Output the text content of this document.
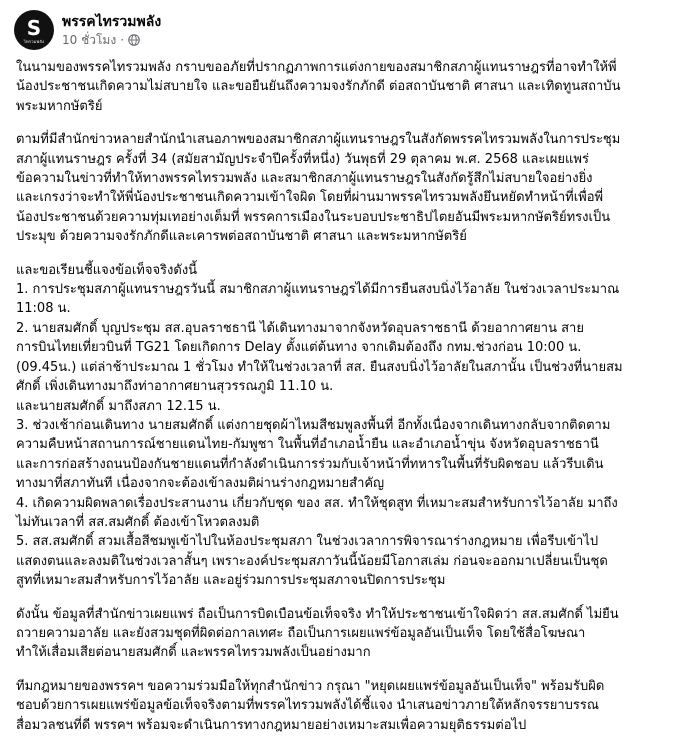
S
ไทรวมพลัง
พรรคไทรวมพลัง
10 ชั่วโมง ·
ในนามของพรรคไทรวมพลัง กราบขออภัยที่ปรากฏภาพการแต่งกายของสมาชิกสภาผู้แทนราษฎรที่อาจทำให้พี่
น้องประชาชนเกิดความไม่สบายใจ และขอยืนยันถึงความจงรักภักดี ต่อสถาบันชาติ ศาสนา และเทิดทูนสถาบัน
พระมหากษัตริย์
ตามที่มีสำนักข่าวหลายสำนักนำเสนอภาพของสมาชิกสภาผู้แทนราษฎรในสังกัดพรรคไทรวมพลังในการประชุม
สภาผู้แทนราษฎร ครั้งที่ 34 (สมัยสามัญประจำปีครั้งที่หนึ่ง) วันพุธที่ 29 ตุลาคม พ.ศ. 2568 และเผยแพร่
ข้อความในข่าวที่ทำให้ทางพรรคไทรวมพลัง และสมาชิกสภาผู้แทนราษฎรในสังกัดรู้สึกไม่สบายใจอย่างยิ่ง
และเกรงว่าจะทำให้พี่น้องประชาชนเกิดความเข้าใจผิด โดยที่ผ่านมาพรรคไทรวมพลังยึนหยัดทำหน้าที่เพื่อพี่
น้องประชาชนด้วยความทุ่มเทอย่างเต็มที่ พรรคการเมืองในระบอบประชาธิปไตยอันมีพระมหากษัตริย์ทรงเป็น
ประมุข ด้วยความจงรักภักดีและเคารพต่อสถาบันชาติ ศาสนา และพระมหากษัตริย์
และขอเรียนชี้แจงข้อเท็จจริงดังนี้
1. การประชุมสภาผู้แทนราษฎรวันนี้ สมาชิกสภาผู้แทนราษฎรได้มีการยืนสงบนิ่งไว้อาลัย ในช่วงเวลาประมาณ
11:08 น.
2. นายสมศักดิ์ บุญประชุม สส.อุบลราชธานี ได้เดินทางมาจากจังหวัดอุบลราชธานี ด้วยอากาศยาน สาย
การบินไทยเที่ยวบินที่ TG21 โดยเกิดการ Delay ตั้งแต่ต้นทาง จากเดิมต้องถึง กทม.ช่วงก่อน 10:00 น.
(09.45น.) แต่ล่าช้าประมาณ 1 ชั่วโมง ทำให้ในช่วงเวลาที่ สส. ยืนสงบนิ่งไว้อาลัยในสภานั้น เป็นช่วงที่นายสม
ศักดิ์ เพิ่งเดินทางมาถึงท่าอากาศยานสุวรรณภูมิ 11.10 น.
และนายสมศักดิ์ มาถึงสภา 12.15 น.
3. ช่วงเช้าก่อนเดินทาง นายสมศักดิ์ แต่งกายชุดผ้าไหมสีชมพูลงพื้นที่ อีกทั้งเนื่องจากเดินทางกลับจากติดตาม
ความคืบหน้าสถานการณ์ชายแดนไทย-กัมพูชา ในพื้นที่อำเภอน้ำยืน และอำเภอน้ำขุ่น จังหวัดอุบลราชธานี
และการก่อสร้างถนนป้องกันชายแดนที่กำลังดำเนินการร่วมกับเจ้าหน้าที่ทหารในพื้นที่รับผิดชอบ แล้วรีบเดิน
ทางมาที่สภาทันที เนื่องจากจะต้องเข้าลงมติผ่านร่างกฎหมายสำคัญ
4. เกิดความผิดพลาดเรื่องประสานงาน เกี่ยวกับชุด ของ สส. ทำให้ชุดสูท ที่เหมาะสมสำหรับการไว้อาลัย มาถึง
ไม่ทันเวลาที่ สส.สมศักดิ์ ต้องเข้าโหวตลงมติ
5. สส.สมศักดิ์ สวมเสื้อสีชมพูเข้าไปในห้องประชุมสภา ในช่วงเวลาการพิจารณาร่างกฎหมาย เพื่อรีบเข้าไป
แสดงตนและลงมติในช่วงเวลาสั้นๆ เพราะองค์ประชุมสภาวันนี้น้อยมีโอกาสเล่ม ก่อนจะออกมาเปลี่ยนเป็นชุด
สูทที่เหมาะสมสำหรับการไว้อาลัย และอยู่ร่วมการประชุมสภาจนปิดการประชุม
ดังนั้น ข้อมูลที่สำนักข่าวเผยแพร่ ถือเป็นการบิดเบือนข้อเท็จจริง ทำให้ประชาชนเข้าใจผิดว่า สส.สมศักดิ์ ไม่ยืน
ถวายความอาลัย และยังสวมชุดที่ผิดต่อกาลเทศะ ถือเป็นการเผยแพร่ข้อมูลอันเป็นเท็จ โดยใช้สื่อโฆษณา
ทำให้เสื่อมเสียต่อนายสมศักดิ์ และพรรคไทรวมพลังเป็นอย่างมาก
ทีมกฎหมายของพรรคฯ ขอความร่วมมือให้ทุกสำนักข่าว กรุณา "หยุดเผยแพร่ข้อมูลอันเป็นเท็จ" พร้อมรับผิด
ชอบด้วยการเผยแพร่ข้อมูลข้อเท็จจริงตามที่พรรคไทรวมพลังได้ชี้แจง นำเสนอข่าวภายใต้หลักจรรยาบรรณ
สื่อมวลชนที่ดี พรรคฯ พร้อมจะดำเนินการทางกฎหมายอย่างเหมาะสมเพื่อความยุติธรรมต่อไป
